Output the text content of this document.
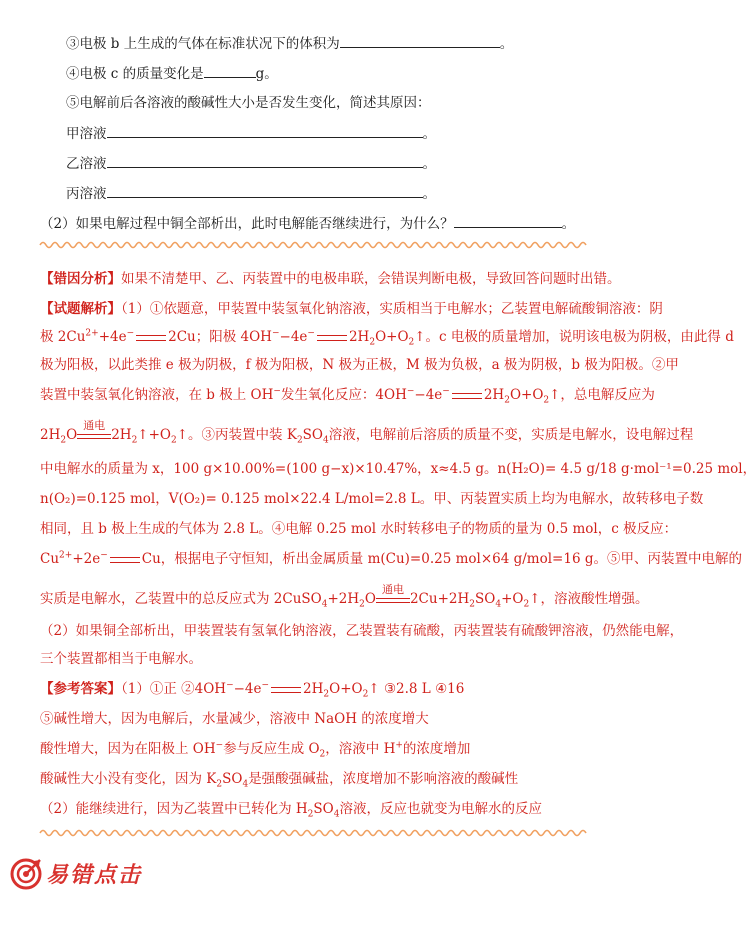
③电极 b 上生成的气体在标准状况下的体积为	。
④电极 c 的质量变化是	g。
⑤电解前后各溶液的酸碱性大小是否发生变化，简述其原因：
甲溶液	。
乙溶液	。
丙溶液	。
（2）如果电解过程中铜全部析出，此时电解能否继续进行，为什么？	。
【错因分析】如果不清楚甲、乙、丙装置中的电极串联，会错误判断电极，导致回答问题时出错。
【试题解析】（1）①依题意，甲装置中装氢氧化钠溶液，实质相当于电解水；乙装置电解硫酸铜溶液：阴
极 $2Cu^{2+}+4e^-$	2Cu；阳极 4OH−−4e−	$2H_2O+O_2↑$。c 电极的质量增加，说明该电极为阴极，由此得 d
极为阳极，以此类推 e 极为阴极，f 极为阳极，N 极为正极，M 极为负极，a 极为阴极，b 极为阳极。②甲
装置中装氢氧化钠溶液，在 b 极上 OH−发生氧化反应：4OH−−4e−	$2H_2O+O_2↑$，总电解反应为
$2H_2O$
通电
$2H_2↑+O_2↑$。③丙装置中装 $K_2SO_4$溶液，电解前后溶质的质量不变，实质是电解水，设电解过程
中电解水的质量为 x，100 g×10.00%=(100 g−x)×10.47%，x≈4.5 g。n(H₂O)= 4.5 g/18 g·mol⁻¹=0.25 mol，
n(O₂)=0.125 mol，V(O₂)= 0.125 mol×22.4 L/mol=2.8 L。甲、丙装置实质上均为电解水，故转移电子数
相同，且 b 极上生成的气体为 2.8 L。④电解 0.25 mol 水时转移电子的物质的量为 0.5 mol，c 极反应：
$Cu^{2+}+2e^-$	Cu，根据电子守恒知，析出金属质量 m(Cu)=0.25 mol×64 g/mol=16 g。⑤甲、丙装置中电解的
实质是电解水，乙装置中的总反应式为 $2CuSO_4+2H_2O$
通电
$2Cu+2H_2SO_4+O_2↑$，溶液酸性增强。
（2）如果铜全部析出，甲装置装有氢氧化钠溶液，乙装置装有硫酸，丙装置装有硫酸钾溶液，仍然能电解，
三个装置都相当于电解水。
【参考答案】（1）①正 ②4OH−−4e−	$2H_2O+O_2↑$ ③2.8 L ④16
⑤碱性增大，因为电解后，水量减少，溶液中 NaOH 的浓度增大
酸性增大，因为在阳极上 OH−参与反应生成 $O_2$，溶液中 H+的浓度增加
酸碱性大小没有变化，因为 $K_2SO_4$是强酸强碱盐，浓度增加不影响溶液的酸碱性
（2）能继续进行，因为乙装置中已转化为 $H_2SO_4$溶液，反应也就变为电解水的反应
易错点击
